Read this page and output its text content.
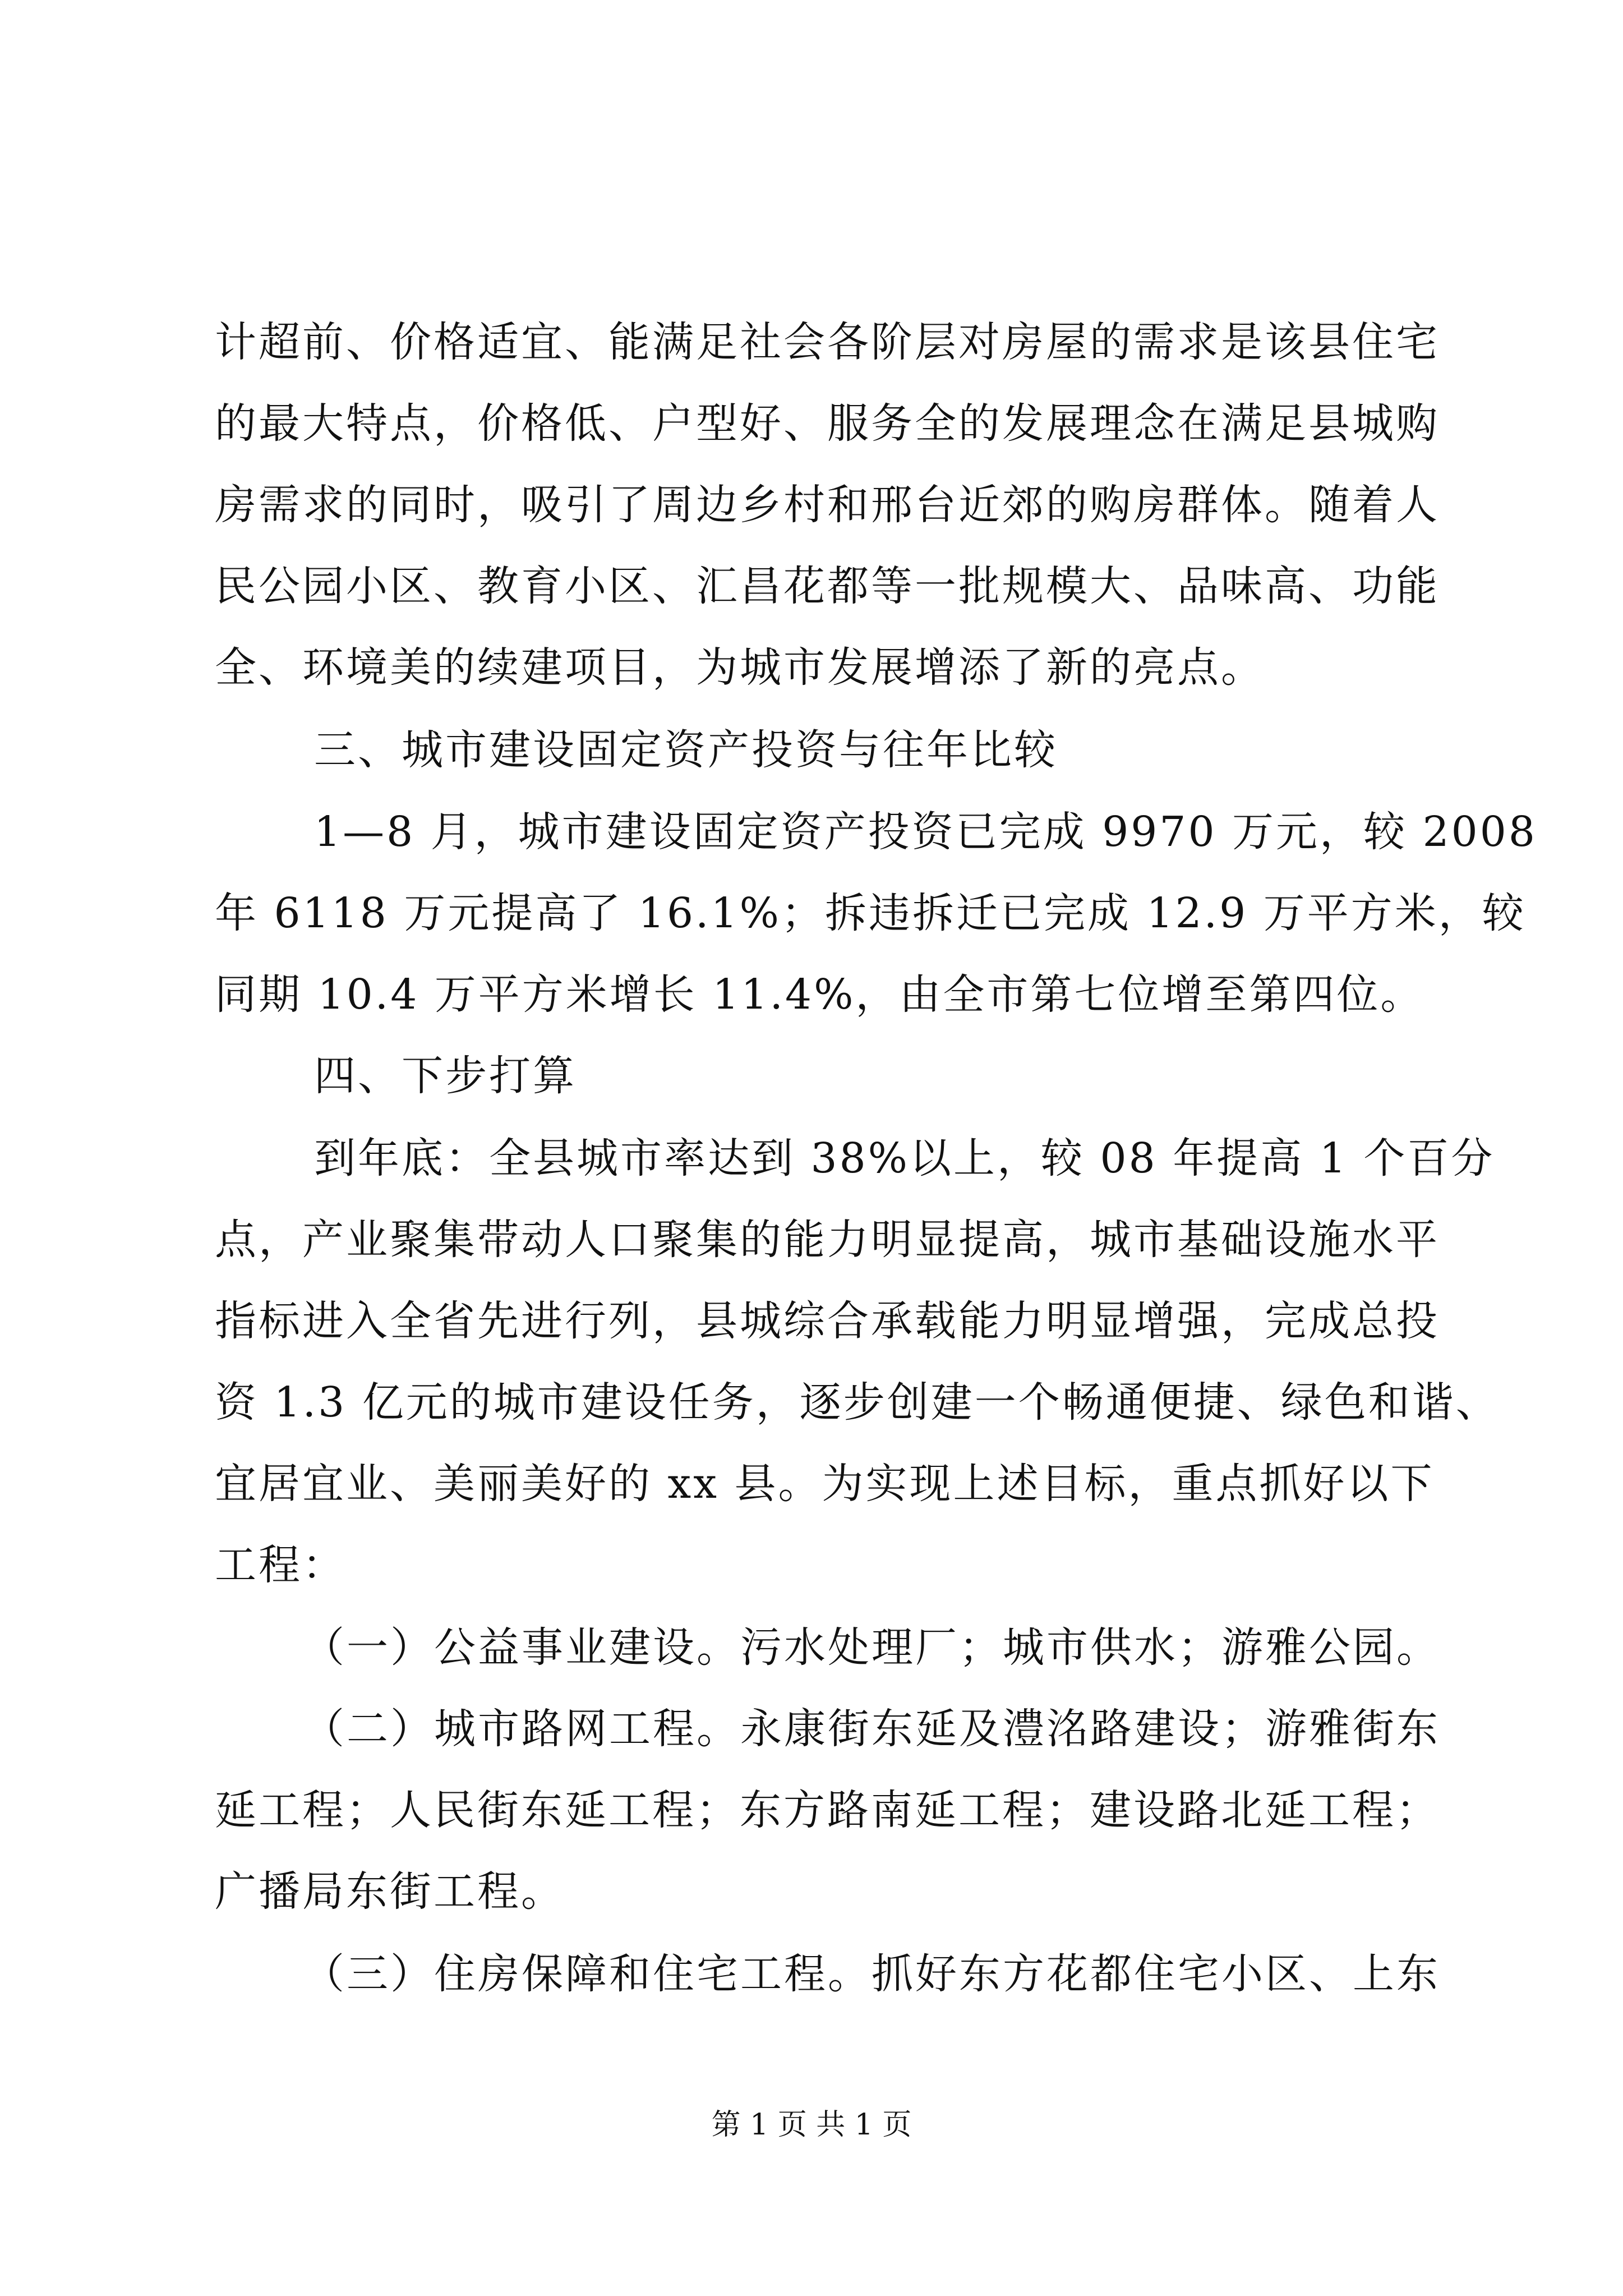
计超前、价格适宜、能满足社会各阶层对房屋的需求是该县住宅
的最大特点，价格低、户型好、服务全的发展理念在满足县城购
房需求的同时，吸引了周边乡村和邢台近郊的购房群体。随着人
民公园小区、教育小区、汇昌花都等一批规模大、品味高、功能
全、环境美的续建项目，为城市发展增添了新的亮点。
三、城市建设固定资产投资与往年比较
1—8 月，城市建设固定资产投资已完成 9970 万元，较 2008
年 6118 万元提高了 16.1%；拆违拆迁已完成 12.9 万平方米，较
同期 10.4 万平方米增长 11.4%，由全市第七位增至第四位。
四、下步打算
到年底：全县城市率达到 38%以上，较 08 年提高 1 个百分
点，产业聚集带动人口聚集的能力明显提高，城市基础设施水平
指标进入全省先进行列，县城综合承载能力明显增强，完成总投
资 1.3 亿元的城市建设任务，逐步创建一个畅通便捷、绿色和谐、
宜居宜业、美丽美好的 xx 县。为实现上述目标，重点抓好以下
工程：
（一）公益事业建设。污水处理厂；城市供水；游雅公园。
（二）城市路网工程。永康街东延及澧洺路建设；游雅街东
延工程；人民街东延工程；东方路南延工程；建设路北延工程；
广播局东街工程。
（三）住房保障和住宅工程。抓好东方花都住宅小区、上东
第 1 页 共 1 页
